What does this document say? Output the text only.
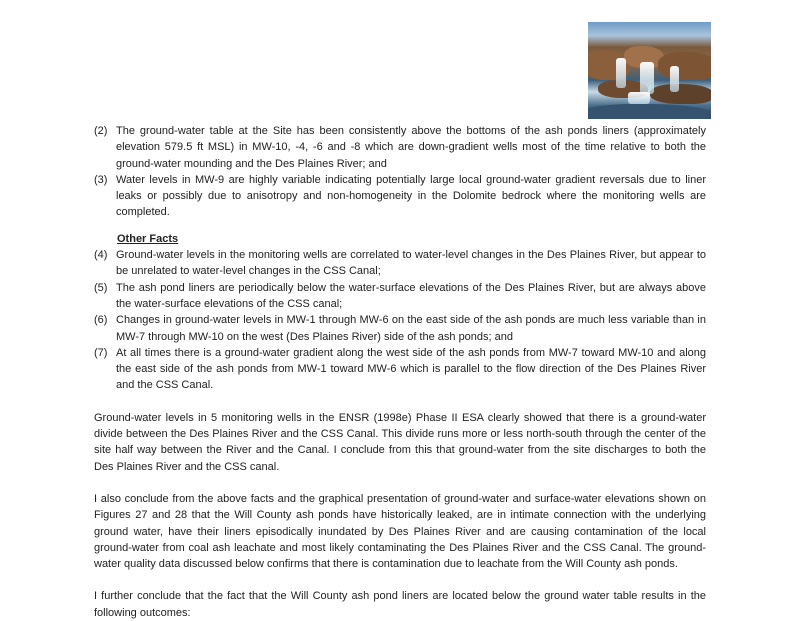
(2) The ground-water table at the Site has been consistently above the bottoms of the ash ponds liners (approximately elevation 579.5 ft MSL) in MW-10, -4, -6 and -8 which are down-gradient wells most of the time relative to both the ground-water mounding and the Des Plaines River; and
(3) Water levels in MW-9 are highly variable indicating potentially large local ground-water gradient reversals due to liner leaks or possibly due to anisotropy and non-homogeneity in the Dolomite bedrock where the monitoring wells are completed.
Other Facts
(4) Ground-water levels in the monitoring wells are correlated to water-level changes in the Des Plaines River, but appear to be unrelated to water-level changes in the CSS Canal;
(5) The ash pond liners are periodically below the water-surface elevations of the Des Plaines River, but are always above the water-surface elevations of the CSS canal;
(6) Changes in ground-water levels in MW-1 through MW-6 on the east side of the ash ponds are much less variable than in MW-7 through MW-10 on the west (Des Plaines River) side of the ash ponds; and
(7) At all times there is a ground-water gradient along the west side of the ash ponds from MW-7 toward MW-10 and along the east side of the ash ponds from MW-1 toward MW-6 which is parallel to the flow direction of the Des Plaines River and the CSS Canal.

Ground-water levels in 5 monitoring wells in the ENSR (1998e) Phase II ESA clearly showed that there is a ground-water divide between the Des Plaines River and the CSS Canal. This divide runs more or less north-south through the center of the site half way between the River and the Canal. I conclude from this that ground-water from the site discharges to both the Des Plaines River and the CSS canal.

I also conclude from the above facts and the graphical presentation of ground-water and surface-water elevations shown on Figures 27 and 28 that the Will County ash ponds have historically leaked, are in intimate connection with the underlying ground water, have their liners episodically inundated by Des Plaines River and are causing contamination of the local ground-water from coal ash leachate and most likely contaminating the Des Plaines River and the CSS Canal. The ground-water quality data discussed below confirms that there is contamination due to leachate from the Will County ash ponds.

I further conclude that the fact that the Will County ash pond liners are located below the ground water table results in the following outcomes:
